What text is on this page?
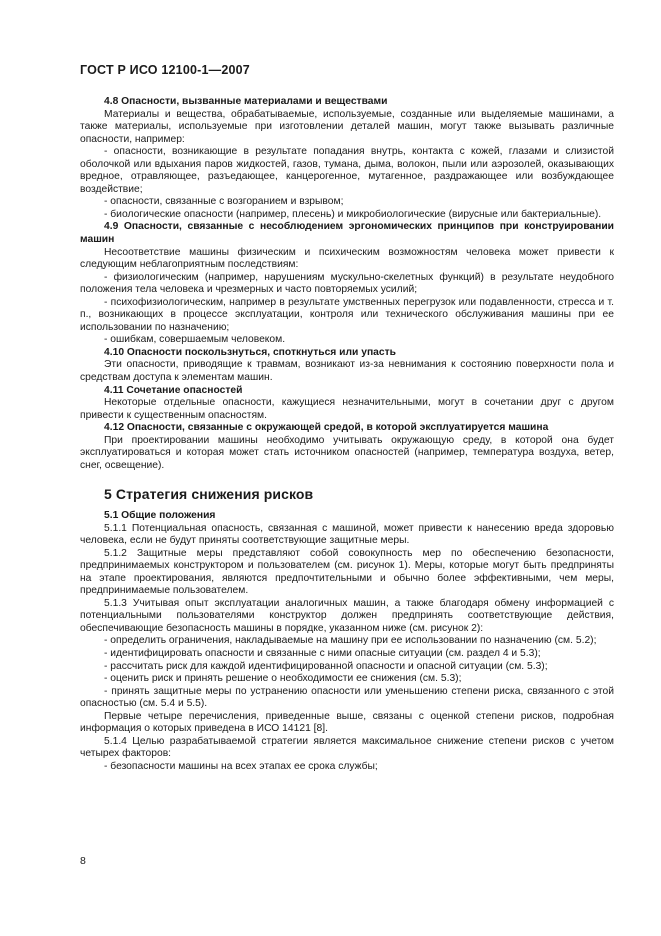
ГОСТ Р ИСО 12100-1—2007

4.8 Опасности, вызванные материалами и веществами

Материалы и вещества, обрабатываемые, используемые, созданные или выделяемые машинами, а также материалы, используемые при изготовлении деталей машин, могут также вызывать различные опасности, например:

- опасности, возникающие в результате попадания внутрь, контакта с кожей, глазами и слизистой оболочкой или вдыхания паров жидкостей, газов, тумана, дыма, волокон, пыли или аэрозолей, оказывающих вредное, отравляющее, разъедающее, канцерогенное, мутагенное, раздражающее или возбуждающее воздействие;

- опасности, связанные с возгоранием и взрывом;

- биологические опасности (например, плесень) и микробиологические (вирусные или бактериальные).

4.9 Опасности, связанные с несоблюдением эргономических принципов при конструировании машин

Несоответствие машины физическим и психическим возможностям человека может привести к следующим неблагоприятным последствиям:

- физиологическим (например, нарушениям мускульно-скелетных функций) в результате неудобного положения тела человека и чрезмерных и часто повторяемых усилий;

- психофизиологическим, например в результате умственных перегрузок или подавленности, стресса и т. п., возникающих в процессе эксплуатации, контроля или технического обслуживания машины при ее использовании по назначению;

- ошибкам, совершаемым человеком.

4.10 Опасности поскользнуться, споткнуться или упасть

Эти опасности, приводящие к травмам, возникают из-за невнимания к состоянию поверхности пола и средствам доступа к элементам машин.

4.11 Сочетание опасностей

Некоторые отдельные опасности, кажущиеся незначительными, могут в сочетании друг с другом привести к существенным опасностям.

4.12 Опасности, связанные с окружающей средой, в которой эксплуатируется машина

При проектировании машины необходимо учитывать окружающую среду, в которой она будет эксплуатироваться и которая может стать источником опасностей (например, температура воздуха, ветер, снег, освещение).

5 Стратегия снижения рисков

5.1 Общие положения

5.1.1 Потенциальная опасность, связанная с машиной, может привести к нанесению вреда здоровью человека, если не будут приняты соответствующие защитные меры.

5.1.2 Защитные меры представляют собой совокупность мер по обеспечению безопасности, предпринимаемых конструктором и пользователем (см. рисунок 1). Меры, которые могут быть предприняты на этапе проектирования, являются предпочтительными и обычно более эффективными, чем меры, предпринимаемые пользователем.

5.1.3 Учитывая опыт эксплуатации аналогичных машин, а также благодаря обмену информацией с потенциальными пользователями конструктор должен предпринять соответствующие действия, обеспечивающие безопасность машины в порядке, указанном ниже (см. рисунок 2):

- определить ограничения, накладываемые на машину при ее использовании по назначению (см. 5.2);

- идентифицировать опасности и связанные с ними опасные ситуации (см. раздел 4 и 5.3);

- рассчитать риск для каждой идентифицированной опасности и опасной ситуации (см. 5.3);

- оценить риск и принять решение о необходимости ее снижения (см. 5.3);

- принять защитные меры по устранению опасности или уменьшению степени риска, связанного с этой опасностью (см. 5.4 и 5.5).

Первые четыре перечисления, приведенные выше, связаны с оценкой степени рисков, подробная информация о которых приведена в ИСО 14121 [8].

5.1.4 Целью разрабатываемой стратегии является максимальное снижение степени рисков с учетом четырех факторов:

- безопасности машины на всех этапах ее срока службы;

8
